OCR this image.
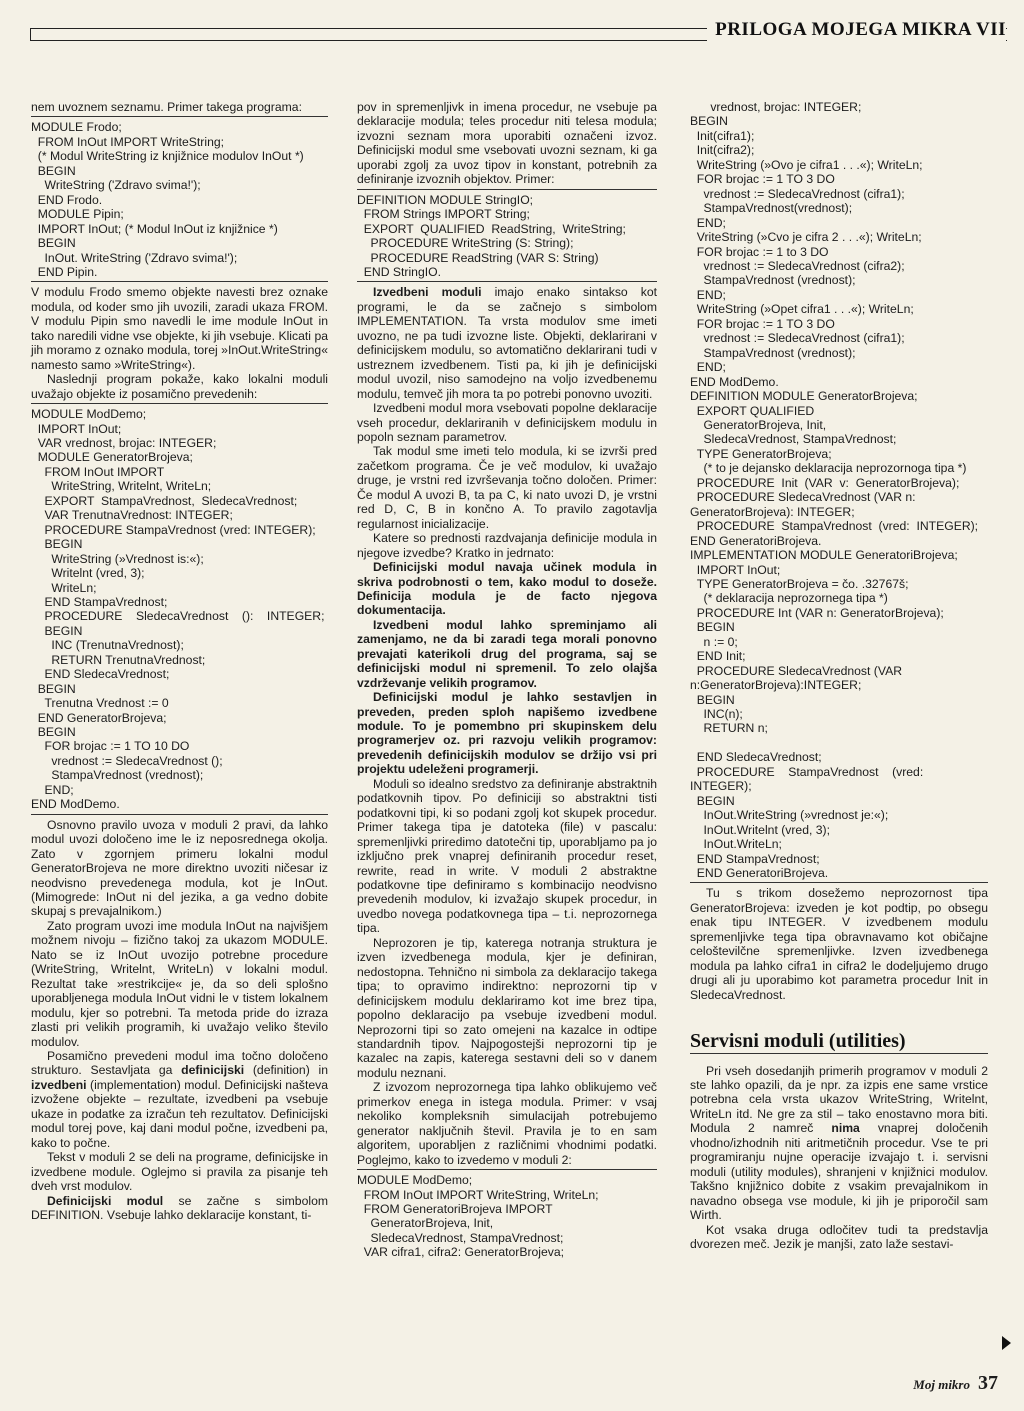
PRILOGA MOJEGA MIKRA VII

nem uvoznem seznamu. Primer takega programa:

MODULE Frodo;
FROM InOut IMPORT WriteString;
(* Modul WriteString iz knjižnice modulov InOut *)
BEGIN
WriteString ('Zdravo svima!');
END Frodo.
MODULE Pipin;
IMPORT InOut; (* Modul InOut iz knjižnice *)
BEGIN
InOut. WriteString ('Zdravo svima!');
END Pipin.

V modulu Frodo smemo objekte navesti brez oznake modula, od koder smo jih uvozili, zaradi ukaza FROM. V modulu Pipin smo navedli le ime module InOut in tako naredili vidne vse objekte, ki jih vsebuje. Klicati pa jih moramo z oznako modula, torej »InOut.WriteString« namesto samo »WriteString«).

Naslednji program pokaže, kako lokalni moduli uvažajo objekte iz posamično prevedenih:

MODULE ModDemo;
IMPORT InOut;
VAR vrednost, brojac: INTEGER;
MODULE GeneratorBrojeva;
FROM InOut IMPORT
WriteString, Writelnt, WriteLn;
EXPORT  StampaVrednost,  SledecaVrednost;
VAR TrenutnaVrednost: INTEGER;
PROCEDURE StampaVrednost (vred: INTEGER);
BEGIN
WriteString (»Vrednost is:«);
Writelnt (vred, 3);
WriteLn;
END StampaVrednost;
PROCEDURE    SledecaVrednost    ():    INTEGER;
BEGIN
INC (TrenutnaVrednost);
RETURN TrenutnaVrednost;
END SledecaVrednost;
BEGIN
Trenutna Vrednost := 0
END GeneratorBrojeva;
BEGIN
FOR brojac := 1 TO 10 DO
vrednost := SledecaVrednost ();
StampaVrednost (vrednost);
END;
END ModDemo.

Osnovno pravilo uvoza v moduli 2 pravi, da lahko modul uvozi določeno ime le iz neposrednega okolja. Zato v zgornjem primeru lokalni modul GeneratorBrojeva ne more direktno uvoziti ničesar iz neodvisno prevedenega modula, kot je InOut. (Mimogrede: InOut ni del jezika, a ga vedno dobite skupaj s prevajalnikom.)

Zato program uvozi ime modula InOut na najvišjem možnem nivoju – fizično takoj za ukazom MODULE. Nato se iz InOut uvozijo potrebne procedure (WriteString, Writelnt, WriteLn) v lokalni modul. Rezultat take »restrikcije« je, da so deli splošno uporabljenega modula InOut vidni le v tistem lokalnem modulu, kjer so potrebni. Ta metoda pride do izraza zlasti pri velikih programih, ki uvažajo veliko število modulov.

Posamično prevedeni modul ima točno določeno strukturo. Sestavljata ga definicijski (definition) in izvedbeni (implementation) modul. Definicijski našteva izvožene objekte – rezultate, izvedbeni pa vsebuje ukaze in podatke za izračun teh rezultatov. Definicijski modul torej pove, kaj dani modul počne, izvedbeni pa, kako to počne.

Tekst v moduli 2 se deli na programe, definicijske in izvedbene module. Oglejmo si pravila za pisanje teh dveh vrst modulov.

Definicijski modul se začne s simbolom DEFINITION. Vsebuje lahko deklaracije konstant, ti-

pov in spremenljivk in imena procedur, ne vsebuje pa deklaracije modula; teles procedur niti telesa modula; izvozni seznam mora uporabiti označeni izvoz. Definicijski modul sme vsebovati uvozni seznam, ki ga uporabi zgolj za uvoz tipov in konstant, potrebnih za definiranje izvoznih objektov. Primer:

DEFINITION MODULE StringIO;
FROM Strings IMPORT String;
EXPORT  QUALIFIED  ReadString,  WriteString;
PROCEDURE WriteString (S: String);
PROCEDURE ReadString (VAR S: String)
END StringIO.

Izvedbeni moduli imajo enako sintakso kot programi, le da se začnejo s simbolom IMPLEMENTATION. Ta vrsta modulov sme imeti uvozno, ne pa tudi izvozne liste. Objekti, deklarirani v definicijskem modulu, so avtomatično deklarirani tudi v ustreznem izvedbenem. Tisti pa, ki jih je definicijski modul uvozil, niso samodejno na voljo izvedbenemu modulu, temveč jih mora ta po potrebi ponovno uvoziti.

Izvedbeni modul mora vsebovati popolne deklaracije vseh procedur, deklariranih v definicijskem modulu in popoln seznam parametrov.

Tak modul sme imeti telo modula, ki se izvrši pred začetkom programa. Če je več modulov, ki uvažajo druge, je vrstni red izvrševanja točno določen. Primer: Če modul A uvozi B, ta pa C, ki nato uvozi D, je vrstni red D, C, B in končno A. To pravilo zagotavlja regularnost inicializacije.

Katere so prednosti razdvajanja definicije modula in njegove izvedbe? Kratko in jedrnato:

Definicijski modul navaja učinek modula in skriva podrobnosti o tem, kako modul to doseže. Definicija modula je de facto njegova dokumentacija.

Izvedbeni modul lahko spreminjamo ali zamenjamo, ne da bi zaradi tega morali ponovno prevajati katerikoli drug del programa, saj se definicijski modul ni spremenil. To zelo olajša vzdrževanje velikih programov.

Definicijski modul je lahko sestavljen in preveden, preden sploh napišemo izvedbene module. To je pomembno pri skupinskem delu programerjev oz. pri razvoju velikih programov: prevedenih definicijskih modulov se držijo vsi pri projektu udeleženi programerji.

Moduli so idealno sredstvo za definiranje abstraktnih podatkovnih tipov. Po definiciji so abstraktni tisti podatkovni tipi, ki so podani zgolj kot skupek procedur. Primer takega tipa je datoteka (file) v pascalu: spremenljivki priredimo datotečni tip, uporabljamo pa jo izključno prek vnaprej definiranih procedur reset, rewrite, read in write. V moduli 2 abstraktne podatkovne tipe definiramo s kombinacijo neodvisno prevedenih modulov, ki izvažajo skupek procedur, in uvedbo novega podatkovnega tipa – t.i. neprozornega tipa.

Neprozoren je tip, katerega notranja struktura je izven izvedbenega modula, kjer je definiran, nedostopna. Tehnično ni simbola za deklaracijo takega tipa; to opravimo indirektno: neprozorni tip v definicijskem modulu deklariramo kot ime brez tipa, popolno deklaracijo pa vsebuje izvedbeni modul. Neprozorni tipi so zato omejeni na kazalce in odtipe standardnih tipov. Najpogostejši neprozorni tip je kazalec na zapis, katerega sestavni deli so v danem modulu neznani.

Z izvozom neprozornega tipa lahko oblikujemo več primerkov enega in istega modula. Primer: v vsaj nekoliko kompleksnih simulacijah potrebujemo generator naključnih števil. Pravila je to en sam algoritem, uporabljen z različnimi vhodnimi podatki. Poglejmo, kako to izvedemo v moduli 2:

MODULE ModDemo;
FROM InOut IMPORT WriteString, WriteLn;
FROM GeneratoriBrojeva IMPORT
GeneratorBrojeva, Init,
SledecaVrednost, StampaVrednost;
VAR cifra1, cifra2: GeneratorBrojeva;
vrednost, brojac: INTEGER;
BEGIN
Init(cifra1);
Init(cifra2);
WriteString (»Ovo je cifra1 . . .«); WriteLn;
FOR brojac := 1 TO 3 DO
vrednost := SledecaVrednost (cifra1);
StampaVrednost(vrednost);
END;
VriteString (»Cvo je cifra 2 . . .«); WriteLn;
FOR brojac := 1 to 3 DO
vrednost := SledecaVrednost (cifra2);
StampaVrednost (vrednost);
END;
WriteString (»Opet cifra1 . . .«); WriteLn;
FOR brojac := 1 TO 3 DO
vrednost := SledecaVrednost (cifra1);
StampaVrednost (vrednost);
END;
END ModDemo.
DEFINITION MODULE GeneratorBrojeva;
EXPORT QUALIFIED
GeneratorBrojeva, Init,
SledecaVrednost, StampaVrednost;
TYPE GeneratorBrojeva;
(* to je dejansko deklaracija neprozornoga tipa *)
PROCEDURE  Init  (VAR  v:  GeneratorBrojeva);
PROCEDURE SledecaVrednost (VAR n: GeneratorBrojeva): INTEGER;
PROCEDURE  StampaVrednost  (vred:  INTEGER);
END GeneratoriBrojeva.
IMPLEMENTATION MODULE GeneratoriBrojeva;
IMPORT InOut;
TYPE GeneratorBrojeva = čo. .32767š;
(* deklaracija neprozornega tipa *)
PROCEDURE Int (VAR n: GeneratorBrojeva);
BEGIN
n := 0;
END Init;
PROCEDURE SledecaVrednost (VAR n:GeneratorBrojeva):INTEGER;
BEGIN
INC(n);
RETURN n;

END SledecaVrednost;
PROCEDURE    StampaVrednost    (vred:    INTEGER);
BEGIN
InOut.WriteString (»vrednost je:«);
InOut.Writelnt (vred, 3);
InOut.WriteLn;
END StampaVrednost;
END GeneratoriBrojeva.

Tu s trikom dosežemo neprozornost tipa GeneratorBrojeva: izveden je kot podtip, po obsegu enak tipu INTEGER. V izvedbenem modulu spremenljivke tega tipa obravnavamo kot običajne celoštevilčne spremenljivke. Izven izvedbenega modula pa lahko cifra1 in cifra2 le dodeljujemo drugo drugi ali ju uporabimo kot parametra procedur Init in SledecaVrednost.

Servisni moduli (utilities)

Pri vseh dosedanjih primerih programov v moduli 2 ste lahko opazili, da je npr. za izpis ene same vrstice potrebna cela vrsta ukazov WriteString, Writelnt, WriteLn itd. Ne gre za stil – tako enostavno mora biti. Modula 2 namreč nima vnaprej določenih vhodno/izhodnih niti aritmetičnih procedur. Vse te pri programiranju nujne operacije izvajajo t. i. servisni moduli (utility modules), shranjeni v knjižnici modulov. Takšno knjižnico dobite z vsakim prevajalnikom in navadno obsega vse module, ki jih je priporočil sam Wirth.

Kot vsaka druga odločitev tudi ta predstavlja dvorezen meč. Jezik je manjši, zato laže sestavi-

Moj mikro 37
